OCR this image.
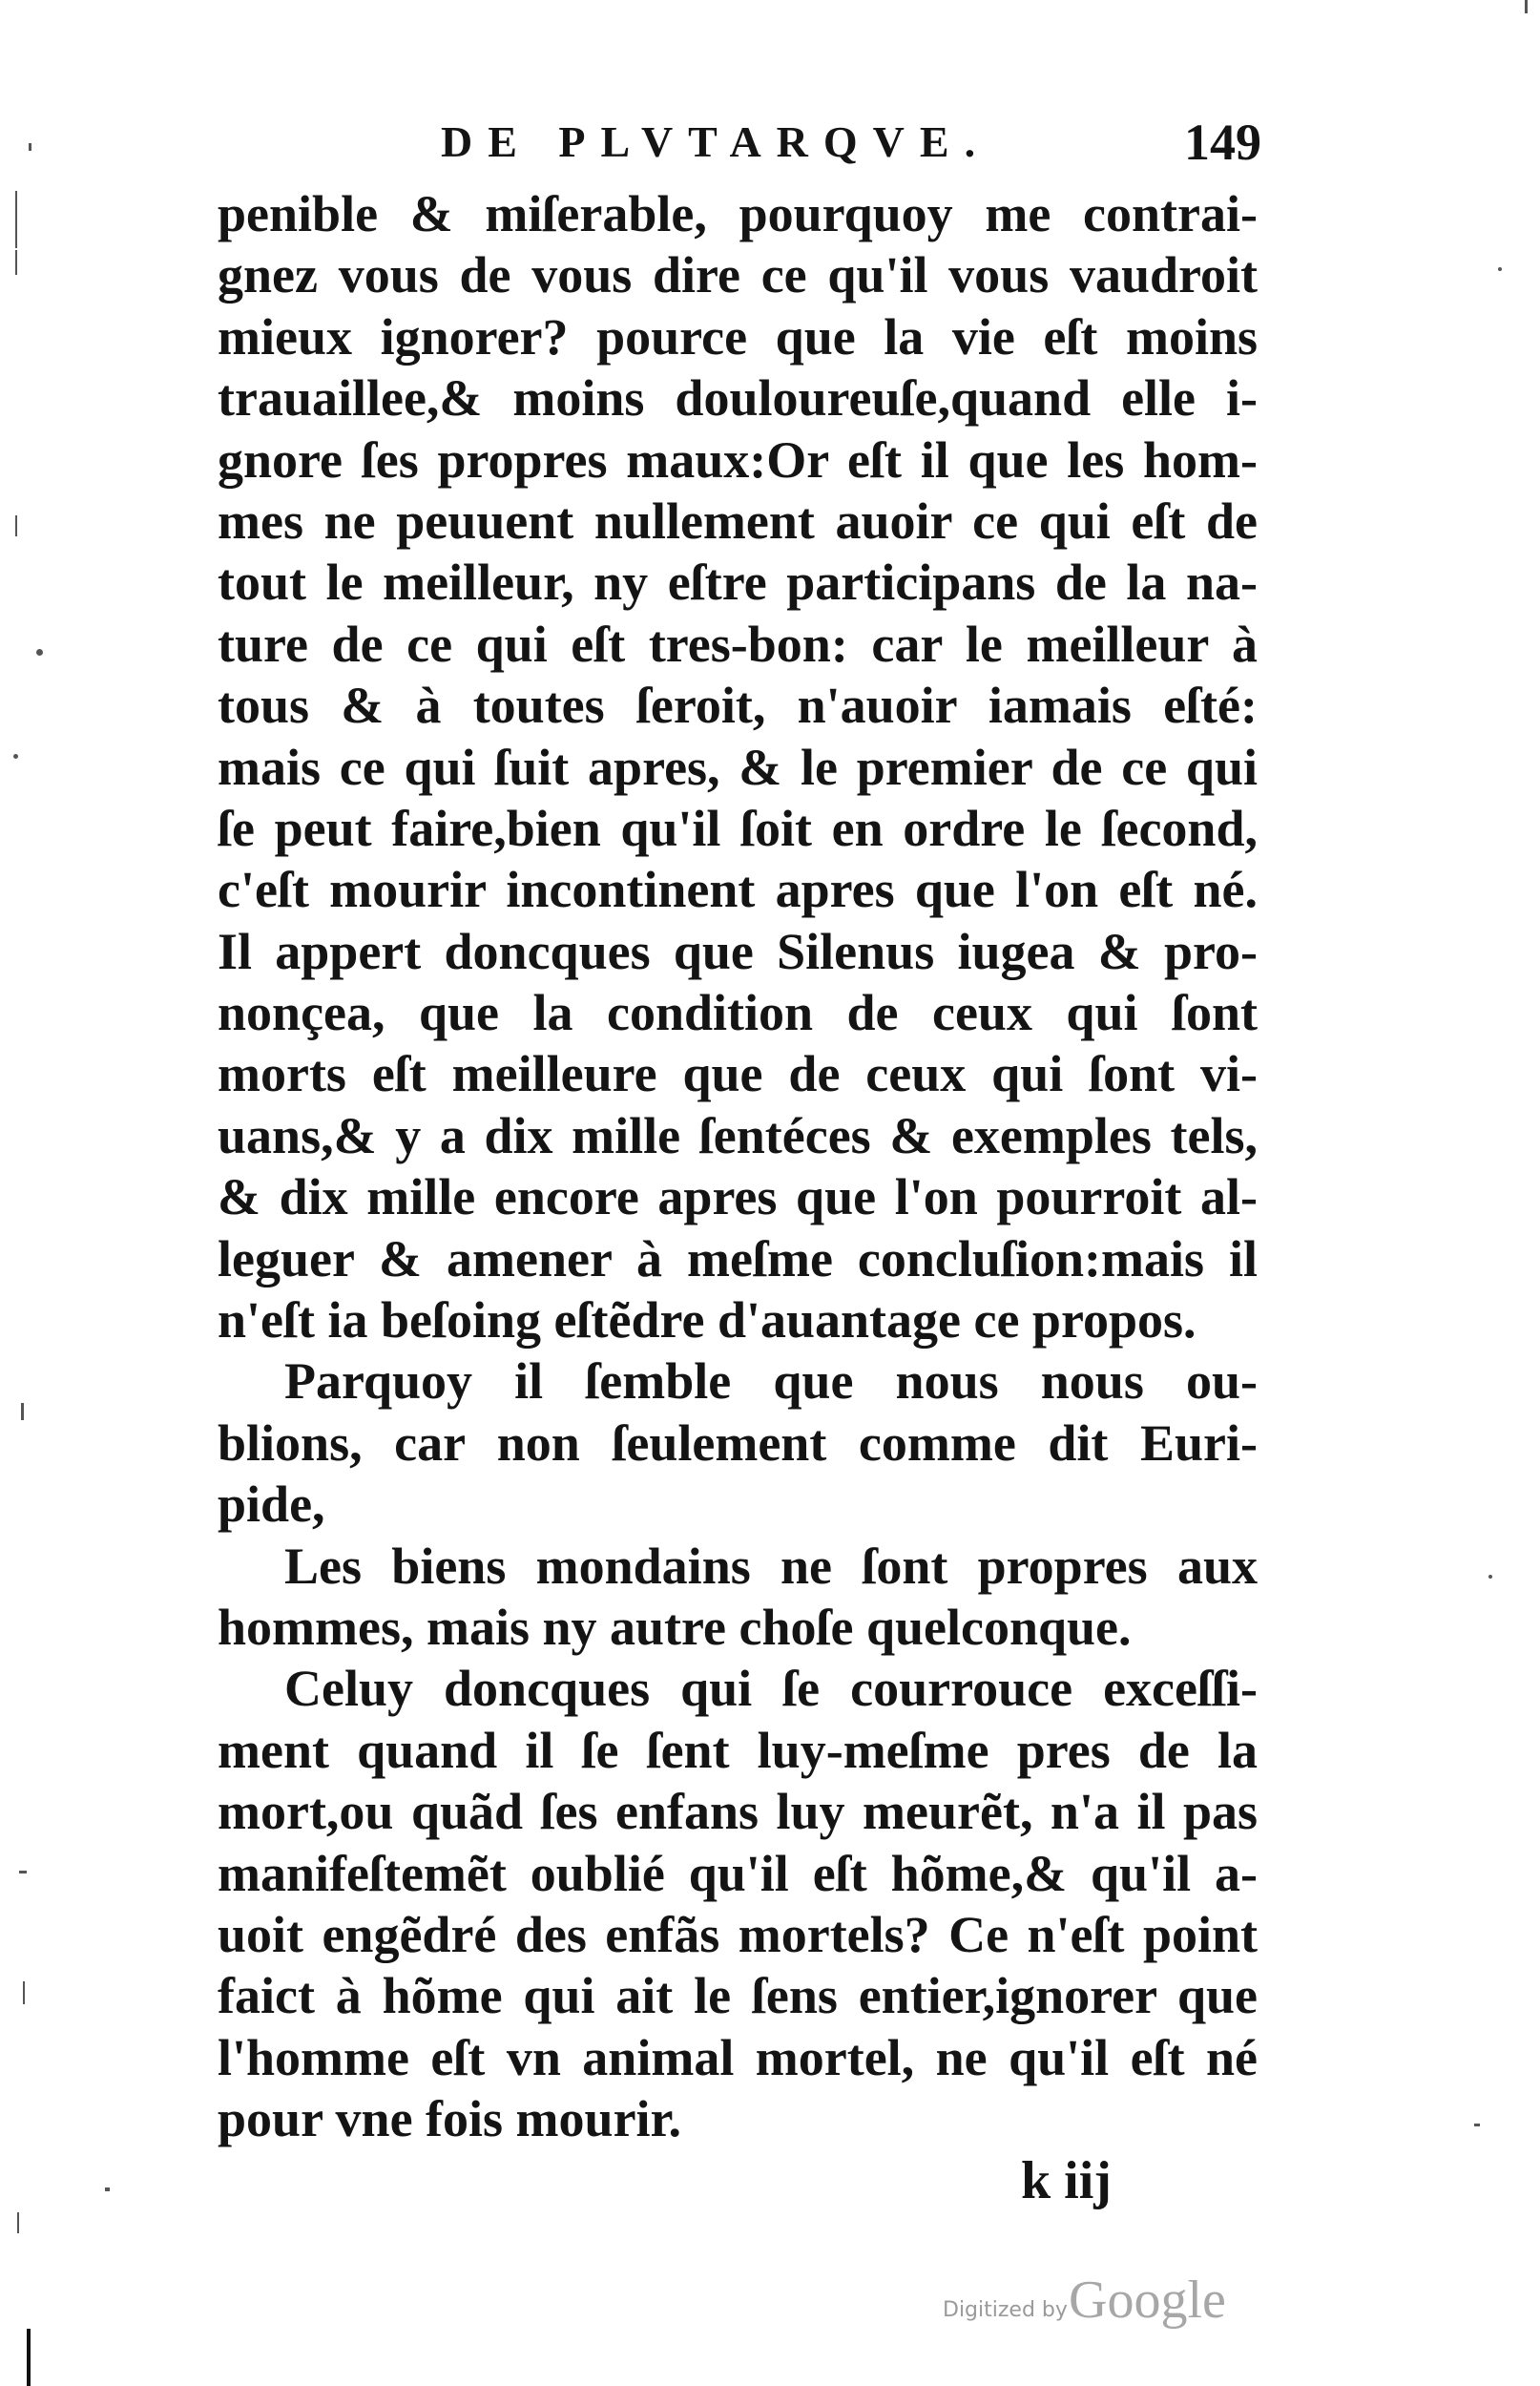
DE PLVTARQVE.	149
penible & miſerable, pourquoy me contrai-
gnez vous de vous dire ce qu'il vous vaudroit
mieux ignorer? pource que la vie eſt moins
trauaillee,& moins douloureuſe,quand elle i-
gnore ſes propres maux:Or eſt il que les hom-
mes ne peuuent nullement auoir ce qui eſt de
tout le meilleur, ny eſtre participans de la na-
ture de ce qui eſt tres-bon: car le meilleur à
tous & à toutes ſeroit, n'auoir iamais eſté:
mais ce qui ſuit apres, & le premier de ce qui
ſe peut faire,bien qu'il ſoit en ordre le ſecond,
c'eſt mourir incontinent apres que l'on eſt né.
Il appert doncques que Silenus iugea & pro-
nonçea, que la condition de ceux qui ſont
morts eſt meilleure que de ceux qui ſont vi-
uans,& y a dix mille ſentéces & exemples tels,
& dix mille encore apres que l'on pourroit al-
leguer & amener à meſme concluſion:mais il
n'eſt ia beſoing eſtẽdre d'auantage ce propos.
Parquoy il ſemble que nous nous ou-
blions, car non ſeulement comme dit Euri-
pide,
Les biens mondains ne ſont propres aux
hommes, mais ny autre choſe quelconque.
Celuy doncques qui ſe courrouce exceſſi-
ment quand il ſe ſent luy-meſme pres de la
mort,ou quãd ſes enfans luy meurẽt, n'a il pas
manifeſtemẽt oublié qu'il eſt hõme,& qu'il a-
uoit engẽdré des enfãs mortels? Ce n'eſt point
faict à hõme qui ait le ſens entier,ignorer que
l'homme eſt vn animal mortel, ne qu'il eſt né
pour vne fois mourir.
k iij
Digitized by Google
